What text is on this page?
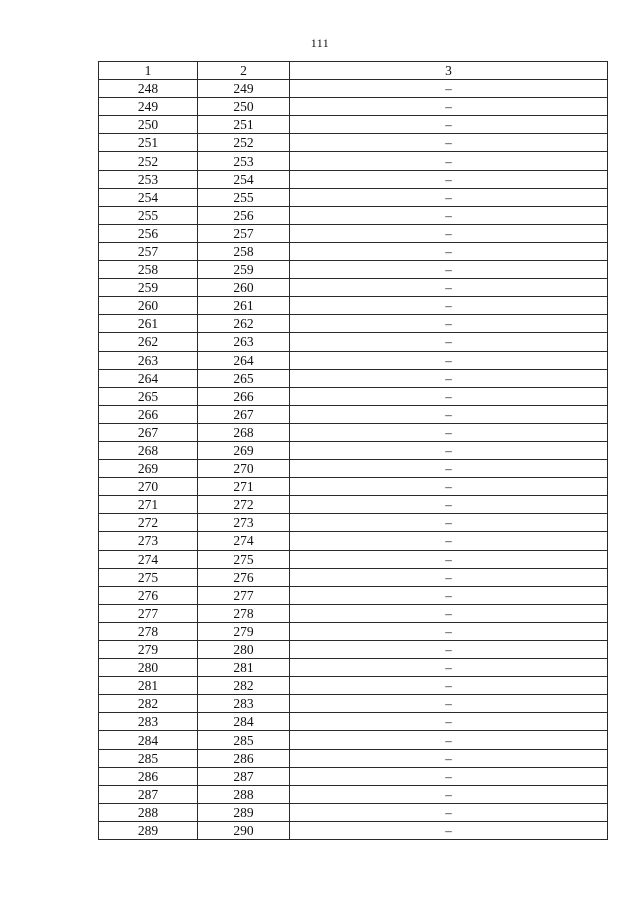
111
1	2	3
248	249	–
249	250	–
250	251	–
251	252	–
252	253	–
253	254	–
254	255	–
255	256	–
256	257	–
257	258	–
258	259	–
259	260	–
260	261	–
261	262	–
262	263	–
263	264	–
264	265	–
265	266	–
266	267	–
267	268	–
268	269	–
269	270	–
270	271	–
271	272	–
272	273	–
273	274	–
274	275	–
275	276	–
276	277	–
277	278	–
278	279	–
279	280	–
280	281	–
281	282	–
282	283	–
283	284	–
284	285	–
285	286	–
286	287	–
287	288	–
288	289	–
289	290	–
